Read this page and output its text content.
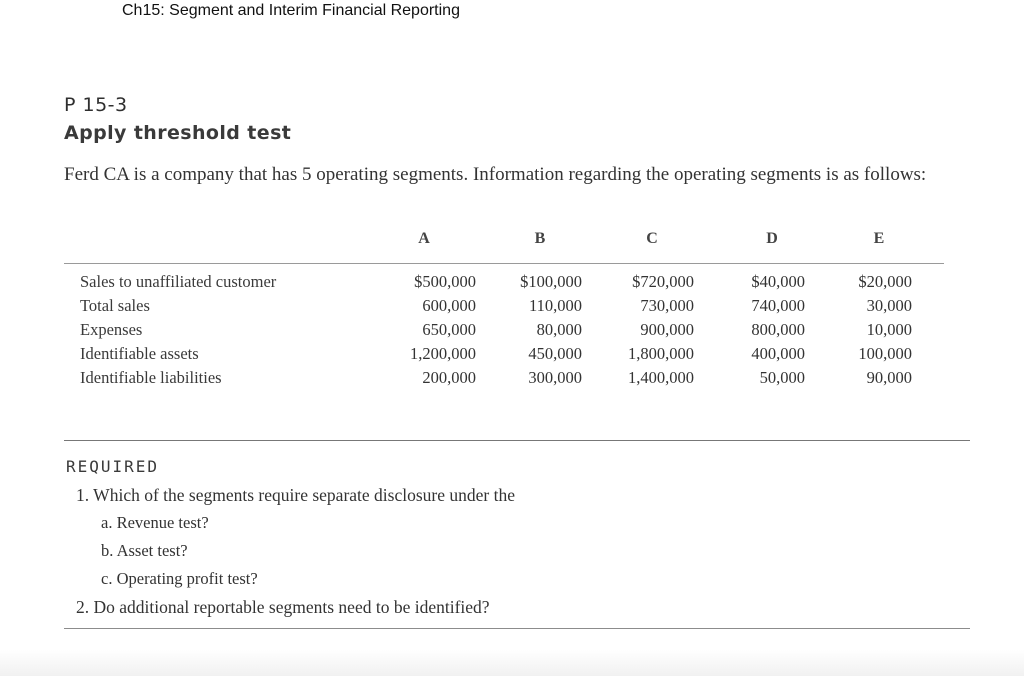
Ch15: Segment and Interim Financial Reporting
P 15-3
Apply threshold test
Ferd CA is a company that has 5 operating segments. Information regarding the operating segments is as follows:
A	B	C	D	E
Sales to unaffiliated customer	$500,000	$100,000	$720,000	$40,000	$20,000
Total sales	600,000	110,000	730,000	740,000	30,000
Expenses	650,000	80,000	900,000	800,000	10,000
Identifiable assets	1,200,000	450,000	1,800,000	400,000	100,000
Identifiable liabilities	200,000	300,000	1,400,000	50,000	90,000
REQUIRED
1. Which of the segments require separate disclosure under the
a. Revenue test?
b. Asset test?
c. Operating profit test?
2. Do additional reportable segments need to be identified?
